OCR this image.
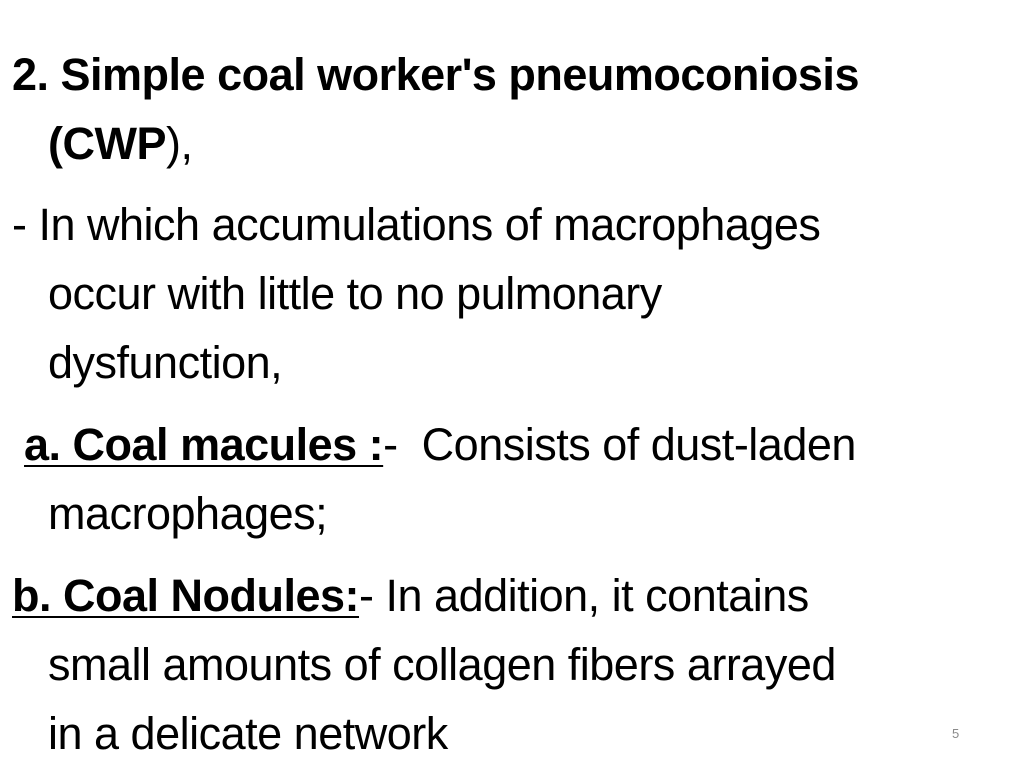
2. Simple coal worker's pneumoconiosis
(CWP),
- In which accumulations of macrophages
occur with little to no pulmonary
dysfunction,
a. Coal macules :-  Consists of dust-laden
macrophages;
b. Coal Nodules:- In addition, it contains
small amounts of collagen fibers arrayed
in a delicate network	5
